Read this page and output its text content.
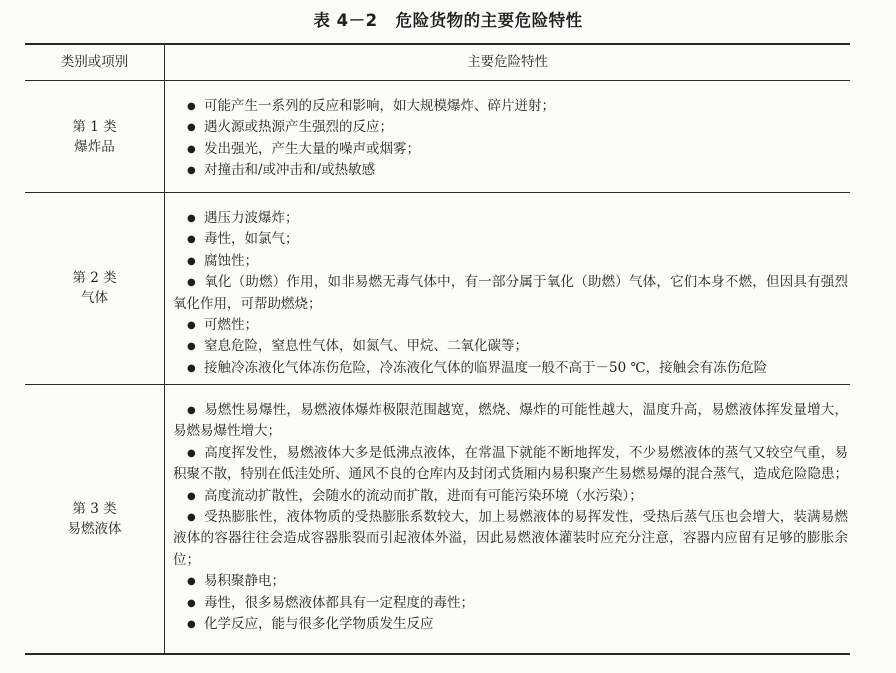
表 4－2 危险货物的主要危险特性
类别或项别	主要危险特性
第 1 类
爆炸品
● 可能产生一系列的反应和影响，如大规模爆炸、碎片迸射；
● 遇火源或热源产生强烈的反应；
● 发出强光，产生大量的噪声或烟雾；
● 对撞击和/或冲击和/或热敏感
第 2 类
气体
● 遇压力波爆炸；
● 毒性，如氯气；
● 腐蚀性；
● 氧化（助燃）作用，如非易燃无毒气体中，有一部分属于氧化（助燃）气体，它们本身不燃，但因具有强烈氧化作用，可帮助燃烧；
● 可燃性；
● 窒息危险，窒息性气体，如氮气、甲烷、二氧化碳等；
● 接触冷冻液化气体冻伤危险，冷冻液化气体的临界温度一般不高于－50 ℃，接触会有冻伤危险
第 3 类
易燃液体
● 易燃性易爆性，易燃液体爆炸极限范围越宽，燃烧、爆炸的可能性越大，温度升高，易燃液体挥发量增大，易燃易爆性增大；
● 高度挥发性，易燃液体大多是低沸点液体，在常温下就能不断地挥发，不少易燃液体的蒸气又较空气重，易积聚不散，特别在低洼处所、通风不良的仓库内及封闭式货厢内易积聚产生易燃易爆的混合蒸气，造成危险隐患；
● 高度流动扩散性，会随水的流动而扩散，进而有可能污染环境（水污染）；
● 受热膨胀性，液体物质的受热膨胀系数较大，加上易燃液体的易挥发性，受热后蒸气压也会增大，装满易燃液体的容器往往会造成容器胀裂而引起液体外溢，因此易燃液体灌装时应充分注意，容器内应留有足够的膨胀余位；
● 易积聚静电；
● 毒性，很多易燃液体都具有一定程度的毒性；
● 化学反应，能与很多化学物质发生反应
